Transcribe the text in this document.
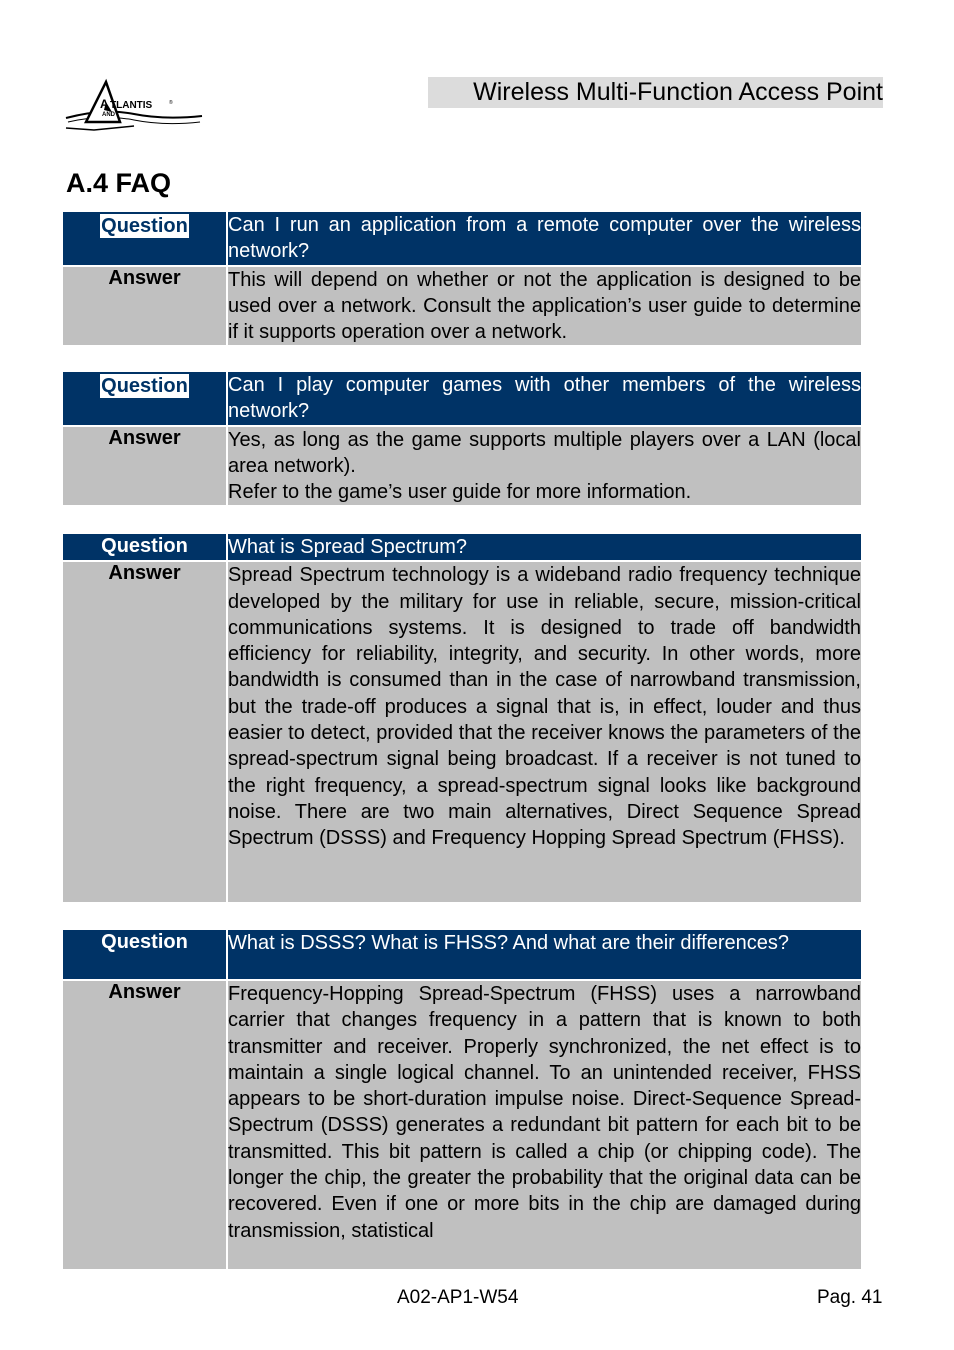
A TLANTIS	®
AND
Wireless Multi-Function Access Point
A.4 FAQ
Question	Can I run an application from a remote computer over the wireless network?
Answer	This will depend on whether or not the application is designed to be used over a network. Consult the application’s user guide to determine if it supports operation over a network.
Question	Can I play computer games with other members of the wireless network?
Answer	Yes, as long as the game supports multiple players over a LAN (local area network).
Refer to the game’s user guide for more information.
Question	What is Spread Spectrum?
Answer	Spread Spectrum technology is a wideband radio frequency technique developed by the military for use in reliable, secure, mission-critical communications systems. It is designed to trade off bandwidth efficiency for reliability, integrity, and security. In other words, more bandwidth is consumed than in the case of narrowband transmission, but the trade-off produces a signal that is, in effect, louder and thus easier to detect, provided that the receiver knows the parameters of the spread-spectrum signal being broadcast. If a receiver is not tuned to the right frequency, a spread-spectrum signal looks like background noise. There are two main alternatives, Direct Sequence Spread Spectrum (DSSS) and Frequency Hopping Spread Spectrum (FHSS).
Question	What is DSSS? What is FHSS? And what are their differences?
Answer	Frequency-Hopping Spread-Spectrum (FHSS) uses a narrowband carrier that changes frequency in a pattern that is known to both transmitter and receiver. Properly synchronized, the net effect is to maintain a single logical channel. To an unintended receiver, FHSS appears to be short-duration impulse noise. Direct-Sequence Spread-Spectrum (DSSS) generates a redundant bit pattern for each bit to be transmitted. This bit pattern is called a chip (or chipping code). The longer the chip, the greater the probability that the original data can be recovered. Even if one or more bits in the chip are damaged during transmission, statistical
A02-AP1-W54	Pag. 41
